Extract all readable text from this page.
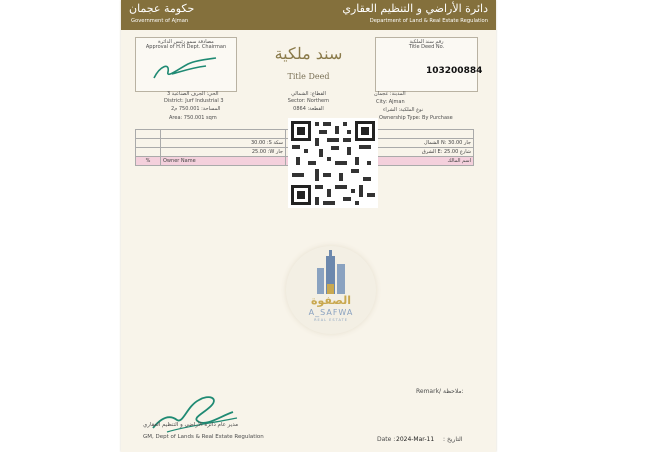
حكومة عجمان
Government of Ajman
دائرة الأراضي و التنظيم العقاري
Department of Land & Real Estate Regulation
مصادقة سمو رئيس الدائرة
Approval of H.H Dept. Chairman	سند ملكية
Title Deed
رقم سند الملكية
Title Deed No.
103200884
الحي: الجرف الصناعية 3
District: Jurf Industrial 3
المساحة: 750.001 م2
Area: 750.001 sqm
القطاع: الشمالي
Sector: Northern
القطعة: 0864
المدينة: عجمان
City: Ajman
نوع الملكية: الشراء
Ownership Type: By Purchase

	30.00 :S سكة		الشمال N: جار 30.00
	25.00 :W جار		الشرق E: شارع 25.00
%	Owner Name		اسم المالك
الصفوة
A_SAFWA
REAL ESTATE
Remark/ ملاحظة:
مدير عام دائرة الأراضي و التنظيم العقاري
GM, Dept of Lands & Real Estate Regulation	Date : 2024-Mar-11 : التاريخ
